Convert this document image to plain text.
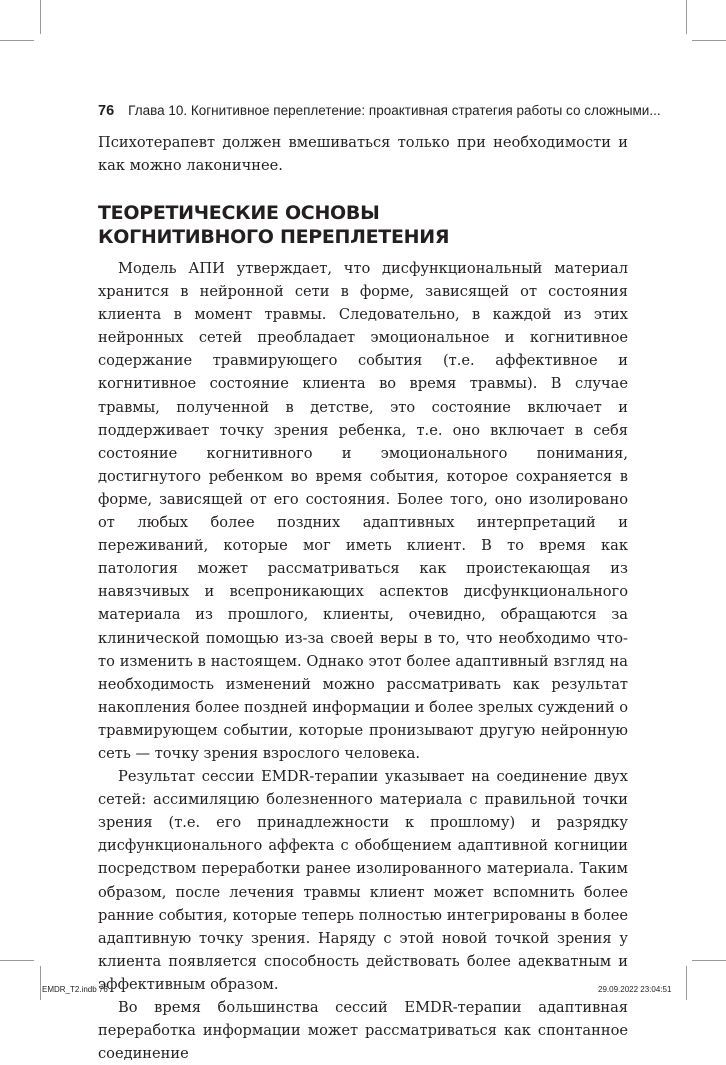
76 Глава 10. Когнитивное переплетение: проактивная стратегия работы со сложными...
Психотерапевт должен вмешиваться только при необходимости и как можно лаконичнее.
ТЕОРЕТИЧЕСКИЕ ОСНОВЫ
КОГНИТИВНОГО ПЕРЕПЛЕТЕНИЯ

Модель АПИ утверждает, что дисфункциональный материал хранится в нейронной сети в форме, зависящей от состояния клиента в момент травмы. Следовательно, в каждой из этих нейронных сетей преобладает эмоциональное и когнитивное содержание травмирующего события (т.е. аффективное и когнитивное состояние клиента во время травмы). В случае травмы, полученной в детстве, это состояние включает и поддерживает точку зрения ребенка, т.е. оно включает в себя состояние когнитивного и эмоционального понимания, достигнутого ребенком во время события, которое сохраняется в форме, зависящей от его состояния. Более того, оно изолировано от любых более поздних адаптивных интерпретаций и переживаний, которые мог иметь клиент. В то время как патология может рассматриваться как проистекающая из навязчивых и всепроникающих аспектов дисфункционального материала из прошлого, клиенты, очевидно, обращаются за клинической помощью из-за своей веры в то, что необходимо что-то изменить в настоящем. Однако этот более адаптивный взгляд на необходимость изменений можно рассматривать как результат накопления более поздней информации и более зрелых суждений о травмирующем событии, которые пронизывают другую нейронную сеть — точку зрения взрослого человека.

Результат сессии EMDR-терапии указывает на соединение двух сетей: ассимиляцию болезненного материала с правильной точки зрения (т.е. его принадлежности к прошлому) и разрядку дисфункционального аффекта с обобщением адаптивной когниции посредством переработки ранее изолированного материала. Таким образом, после лечения травмы клиент может вспомнить более ранние события, которые теперь полностью интегрированы в более адаптивную точку зрения. Наряду с этой новой точкой зрения у клиента появляется способность действовать более адекватным и эффективным образом.

Во время большинства сессий EMDR-терапии адаптивная переработка информации может рассматриваться как спонтанное соединение

EMDR_T2.indb 76	29.09.2022 23:04:51
